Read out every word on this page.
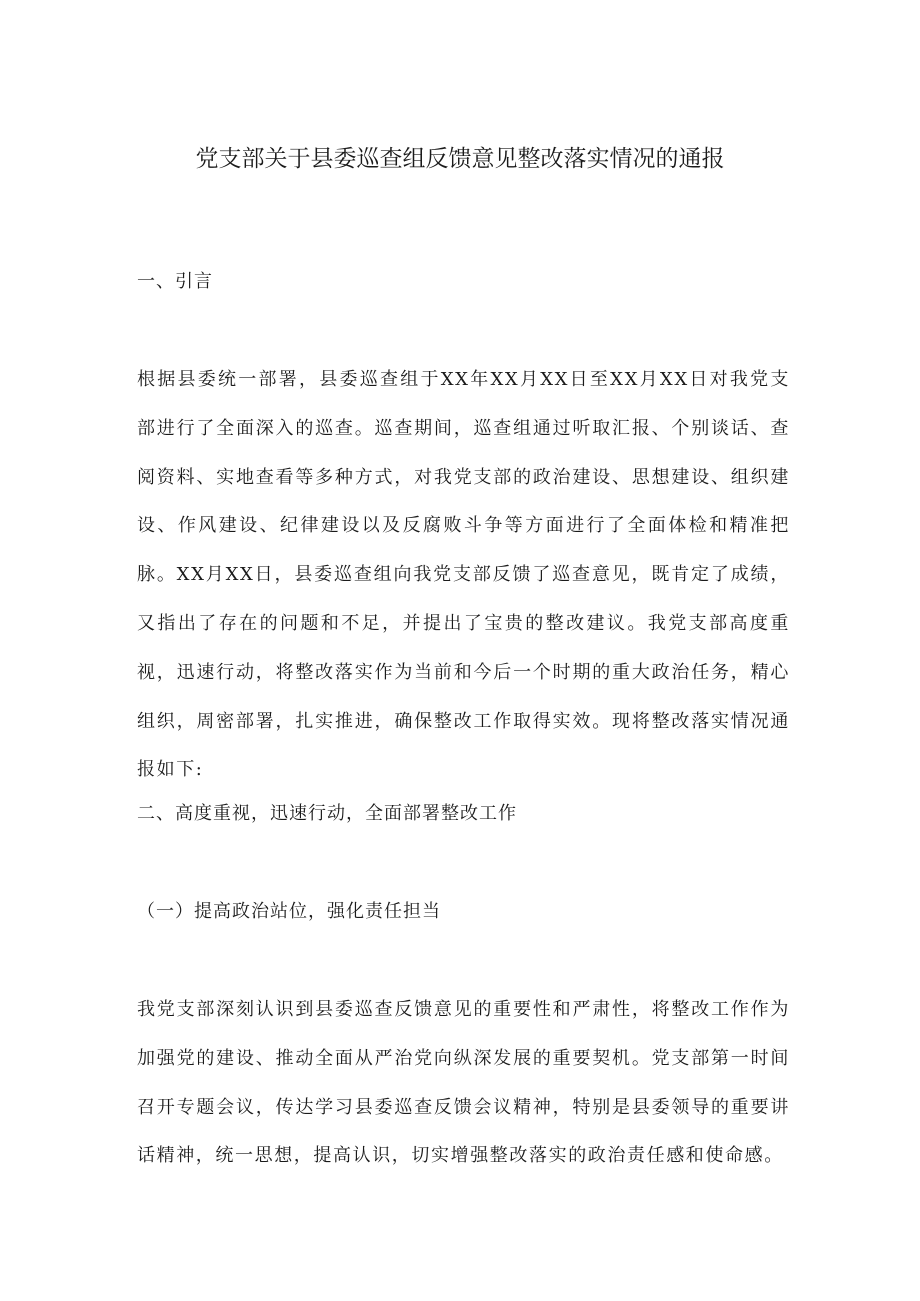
党支部关于县委巡查组反馈意见整改落实情况的通报
一、引言
根据县委统一部署，县委巡查组于XX年XX月XX日至XX月XX日对我党支部进行了全面深入的巡查。巡查期间，巡查组通过听取汇报、个别谈话、查阅资料、实地查看等多种方式，对我党支部的政治建设、思想建设、组织建设、作风建设、纪律建设以及反腐败斗争等方面进行了全面体检和精准把脉。XX月XX日，县委巡查组向我党支部反馈了巡查意见，既肯定了成绩，又指出了存在的问题和不足，并提出了宝贵的整改建议。我党支部高度重视，迅速行动，将整改落实作为当前和今后一个时期的重大政治任务，精心组织，周密部署，扎实推进，确保整改工作取得实效。现将整改落实情况通报如下:
二、高度重视，迅速行动，全面部署整改工作
（一）提高政治站位，强化责任担当
我党支部深刻认识到县委巡查反馈意见的重要性和严肃性，将整改工作作为加强党的建设、推动全面从严治党向纵深发展的重要契机。党支部第一时间召开专题会议，传达学习县委巡查反馈会议精神，特别是县委领导的重要讲话精神，统一思想，提高认识，切实增强整改落实的政治责任感和使命感。
